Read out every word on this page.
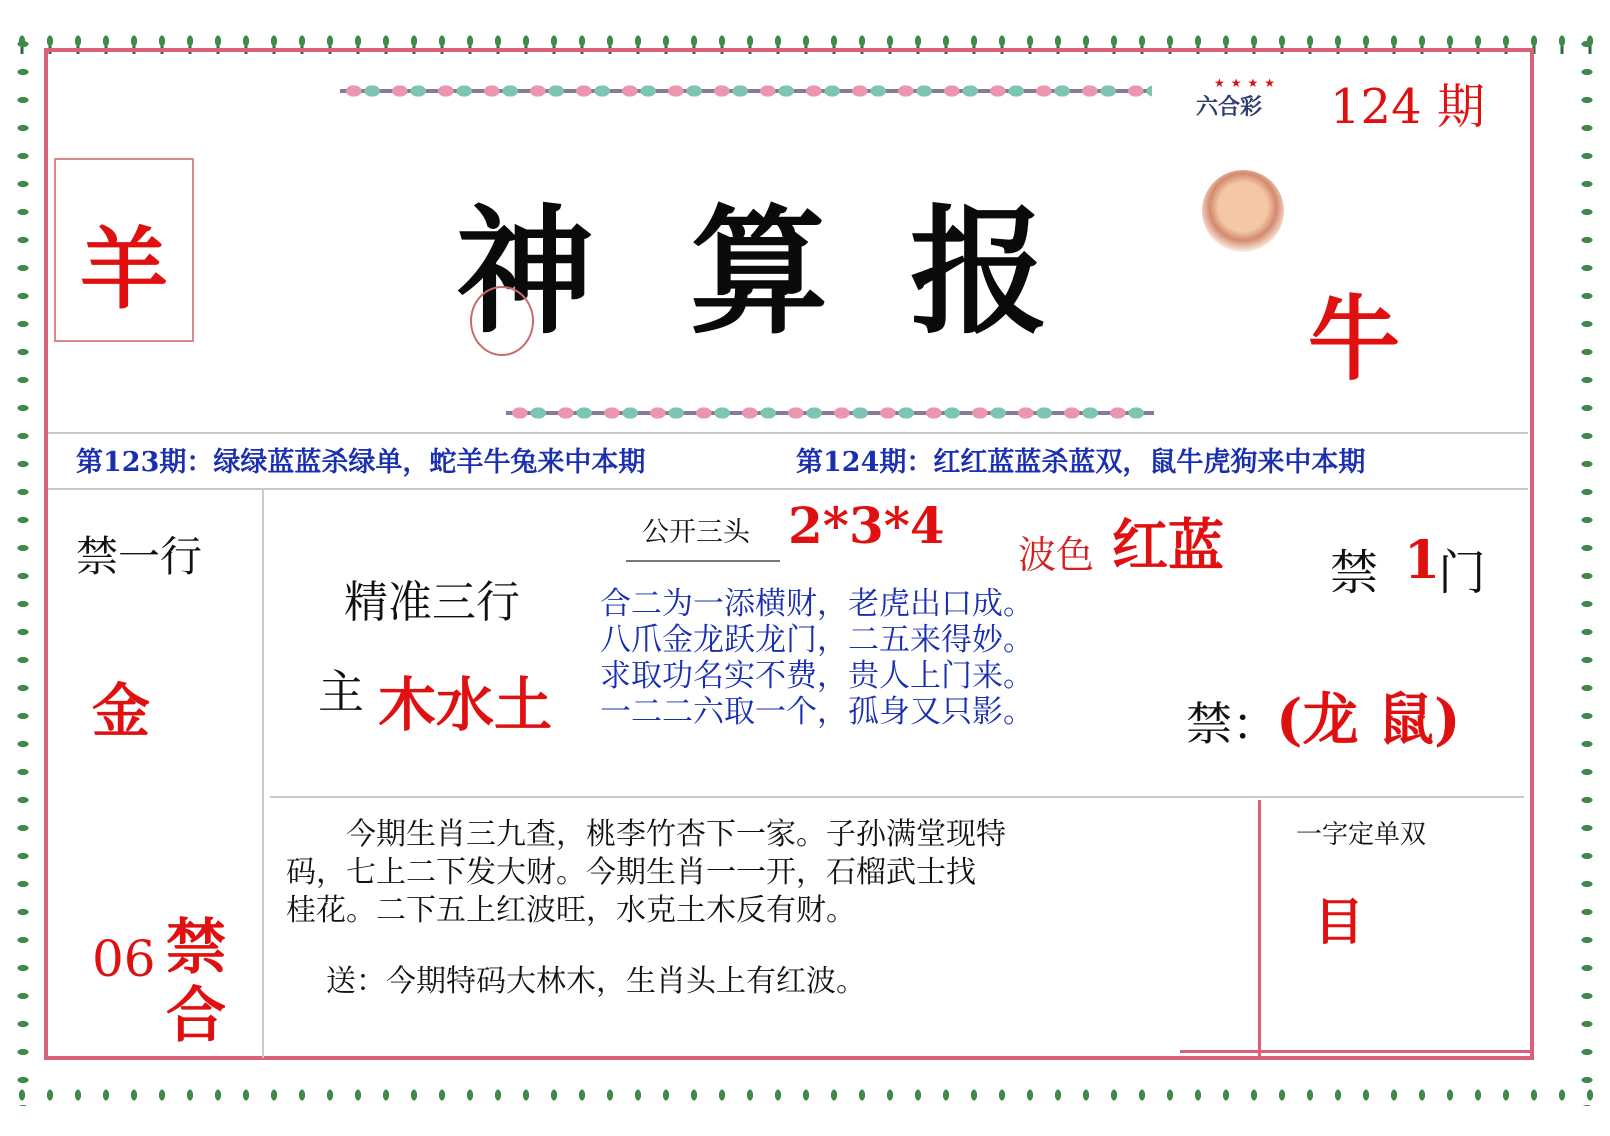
羊 神 算 报
★★★★
六合彩	124 期
牛
第123期：绿绿蓝蓝杀绿单，蛇羊牛兔来中本期	第124期：红红蓝蓝杀蓝双，鼠牛虎狗来中本期
禁一行
金
06 禁
合
公开三头 2*3*4 波色 红蓝 禁 1
门
精准三行
主 木水土
合二为一添横财，老虎出口成。
八爪金龙跃龙门，二五来得妙。
求取功名实不费，贵人上门来。
一二二六取一个，孤身又只影。	禁：
(龙 鼠)
　　今期生肖三九查，桃李竹杏下一家。子孙满堂现特
码，七上二下发大财。今期生肖一一开，石榴武士找
桂花。二下五上红波旺，水克土木反有财。
送：今期特码大林木，生肖头上有红波。
一字定单双
目
